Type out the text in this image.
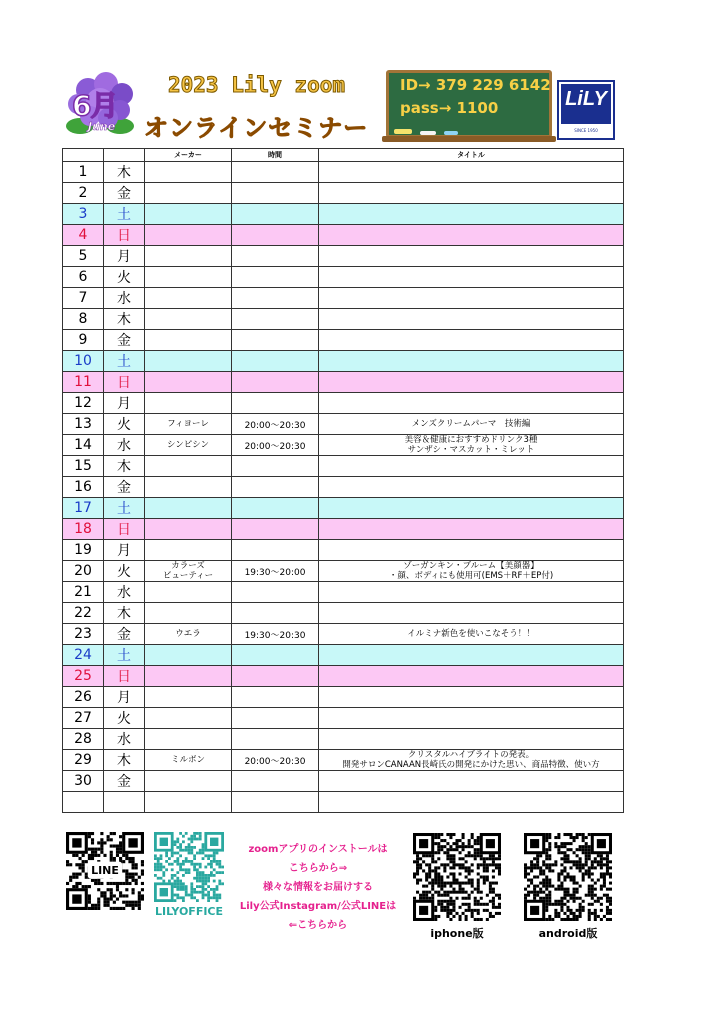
6月
June
2023 Lily zoom
オンラインセミナー
ID→ 379 229 6142
pass→ 1100	LiLY
SINCE 1950
		メーカー	時間	タイトル
1	木			
2	金			
3	土			
4	日			
5	月			
6	火			
7	水			
8	木			
9	金			
10	土			
11	日			
12	月			
13	火	フィヨーレ	20:00～20:30	メンズクリームパーマ　技術編
14	水	シンピシン	20:00～20:30	美容＆健康におすすめドリンク3種
サンザシ・マスカット・ミレット
15	木			
16	金			
17	土			
18	日			
19	月			
20	火	カラーズ
ビューティー	19:30～20:00	ゾーガンキン・ブルーム【美顔器】
・顔、ボディにも使用可(EMS＋RF＋EP付)
21	水			
22	木			
23	金	ウエラ	19:30～20:30	イルミナ新色を使いこなそう！！
24	土			
25	日			
26	月			
27	火			
28	水			
29	木	ミルボン	20:00～20:30	クリスタルハイブライトの発表。
開発サロンCANAAN長崎氏の開発にかけた思い、商品特徴、使い方
30	金			

LINE
LILYOFFICE
zoomアプリのインストールは
こちらから⇒
様々な情報をお届けする
Lily公式Instagram/公式LINEは
⇐こちらから
iphone版	android版
